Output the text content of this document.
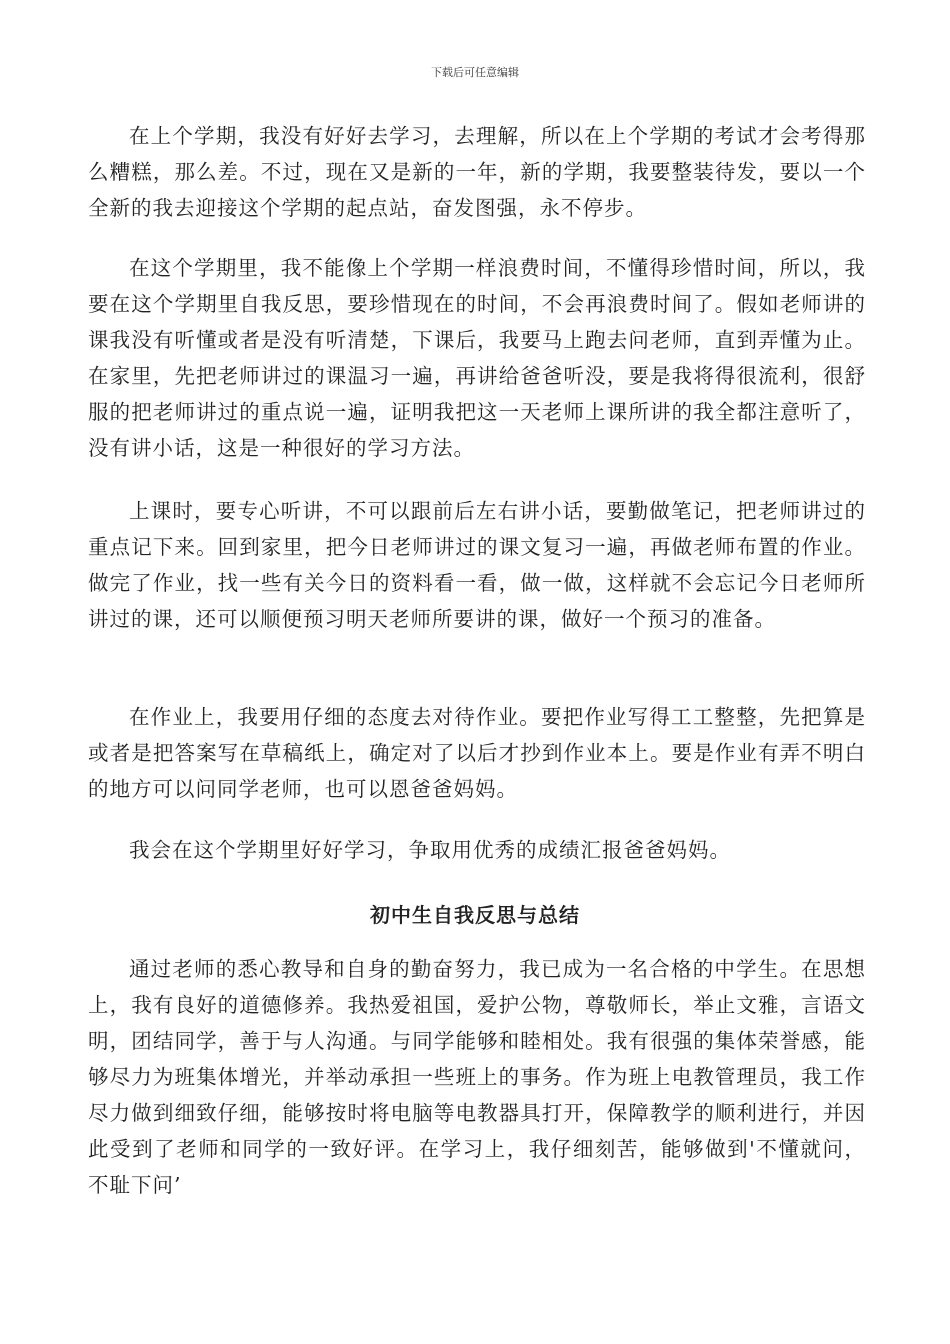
下载后可任意编辑

在上个学期，我没有好好去学习，去理解，所以在上个学期的考试才会考得那么糟糕，那么差。不过，现在又是新的一年，新的学期，我要整装待发，要以一个全新的我去迎接这个学期的起点站，奋发图强，永不停步。

在这个学期里，我不能像上个学期一样浪费时间，不懂得珍惜时间，所以，我要在这个学期里自我反思，要珍惜现在的时间，不会再浪费时间了。假如老师讲的课我没有听懂或者是没有听清楚，下课后，我要马上跑去问老师，直到弄懂为止。在家里，先把老师讲过的课温习一遍，再讲给爸爸听没，要是我将得很流利，很舒服的把老师讲过的重点说一遍，证明我把这一天老师上课所讲的我全都注意听了，没有讲小话，这是一种很好的学习方法。

上课时，要专心听讲，不可以跟前后左右讲小话，要勤做笔记，把老师讲过的重点记下来。回到家里，把今日老师讲过的课文复习一遍，再做老师布置的作业。做完了作业，找一些有关今日的资料看一看，做一做，这样就不会忘记今日老师所讲过的课，还可以顺便预习明天老师所要讲的课，做好一个预习的准备。

在作业上，我要用仔细的态度去对待作业。要把作业写得工工整整，先把算是或者是把答案写在草稿纸上，确定对了以后才抄到作业本上。要是作业有弄不明白的地方可以问同学老师，也可以恩爸爸妈妈。

我会在这个学期里好好学习，争取用优秀的成绩汇报爸爸妈妈。

初中生自我反思与总结

通过老师的悉心教导和自身的勤奋努力，我已成为一名合格的中学生。在思想上，我有良好的道德修养。我热爱祖国，爱护公物，尊敬师长，举止文雅，言语文明，团结同学，善于与人沟通。与同学能够和睦相处。我有很强的集体荣誉感，能够尽力为班集体增光，并举动承担一些班上的事务。作为班上电教管理员，我工作尽力做到细致仔细，能够按时将电脑等电教器具打开，保障教学的顺利进行，并因此受到了老师和同学的一致好评。在学习上，我仔细刻苦，能够做到'不懂就问，不耻下问’
